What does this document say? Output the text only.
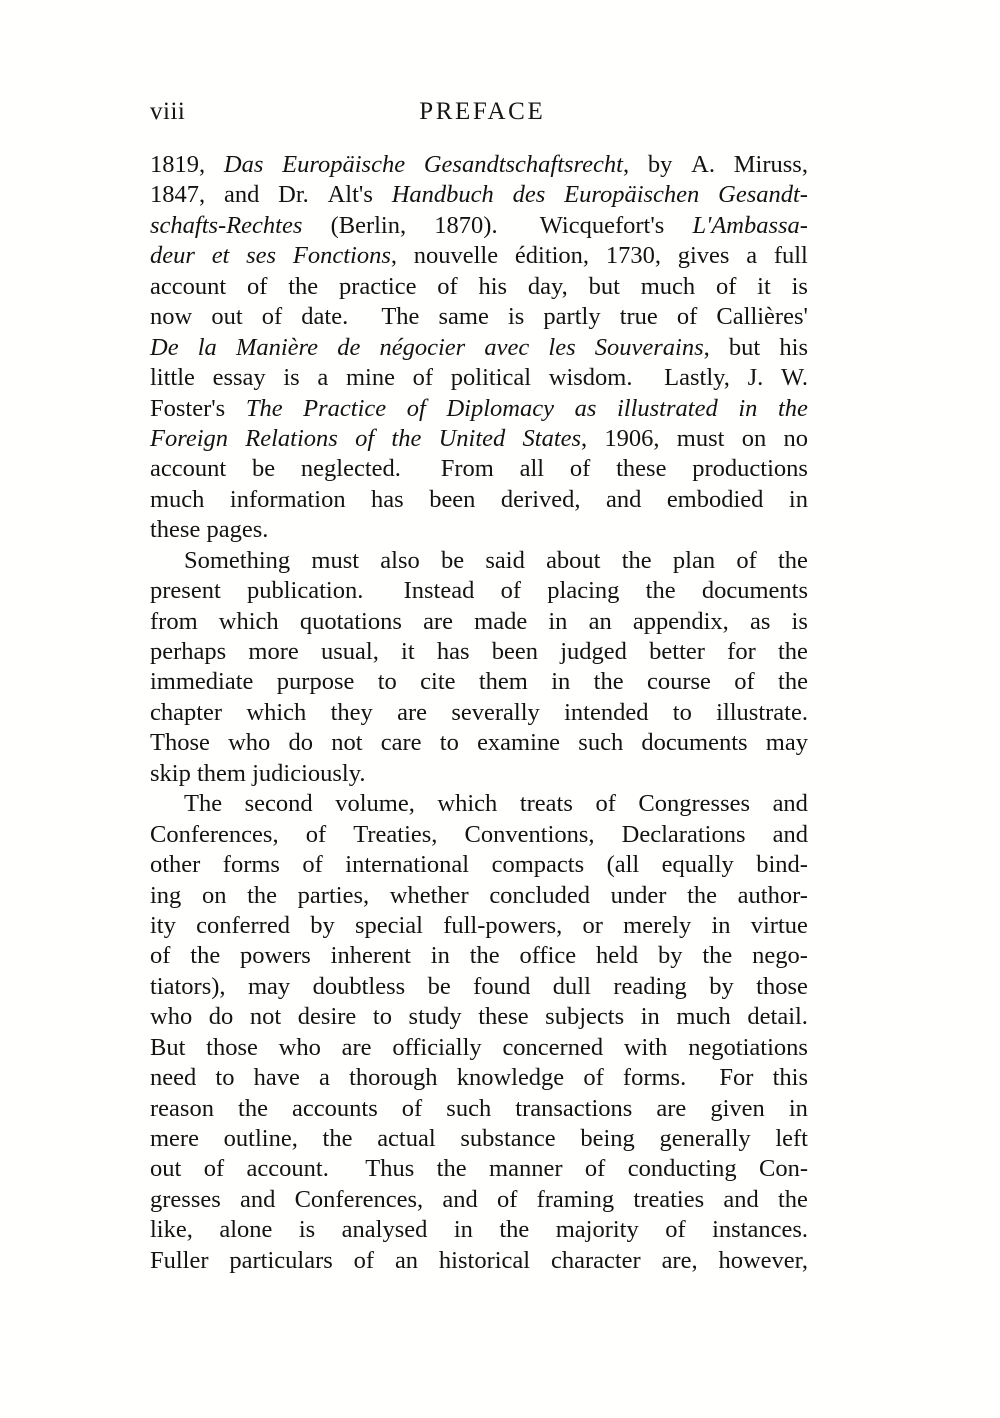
viii	PREFACE
1819, Das Europäische Gesandtschaftsrecht, by A. Miruss,
1847, and Dr. Alt's Handbuch des Europäischen Gesandt-
schafts-Rechtes (Berlin, 1870). Wicquefort's L'Ambassa-
deur et ses Fonctions, nouvelle édition, 1730, gives a full
account of the practice of his day, but much of it is
now out of date. The same is partly true of Callières'
De la Manière de négocier avec les Souverains, but his
little essay is a mine of political wisdom. Lastly, J. W.
Foster's The Practice of Diplomacy as illustrated in the
Foreign Relations of the United States, 1906, must on no
account be neglected. From all of these productions
much information has been derived, and embodied in
these pages.
Something must also be said about the plan of the
present publication. Instead of placing the documents
from which quotations are made in an appendix, as is
perhaps more usual, it has been judged better for the
immediate purpose to cite them in the course of the
chapter which they are severally intended to illustrate.
Those who do not care to examine such documents may
skip them judiciously.
The second volume, which treats of Congresses and
Conferences, of Treaties, Conventions, Declarations and
other forms of international compacts (all equally bind-
ing on the parties, whether concluded under the author-
ity conferred by special full-powers, or merely in virtue
of the powers inherent in the office held by the nego-
tiators), may doubtless be found dull reading by those
who do not desire to study these subjects in much detail.
But those who are officially concerned with negotiations
need to have a thorough knowledge of forms. For this
reason the accounts of such transactions are given in
mere outline, the actual substance being generally left
out of account. Thus the manner of conducting Con-
gresses and Conferences, and of framing treaties and the
like, alone is analysed in the majority of instances.
Fuller particulars of an historical character are, however,
